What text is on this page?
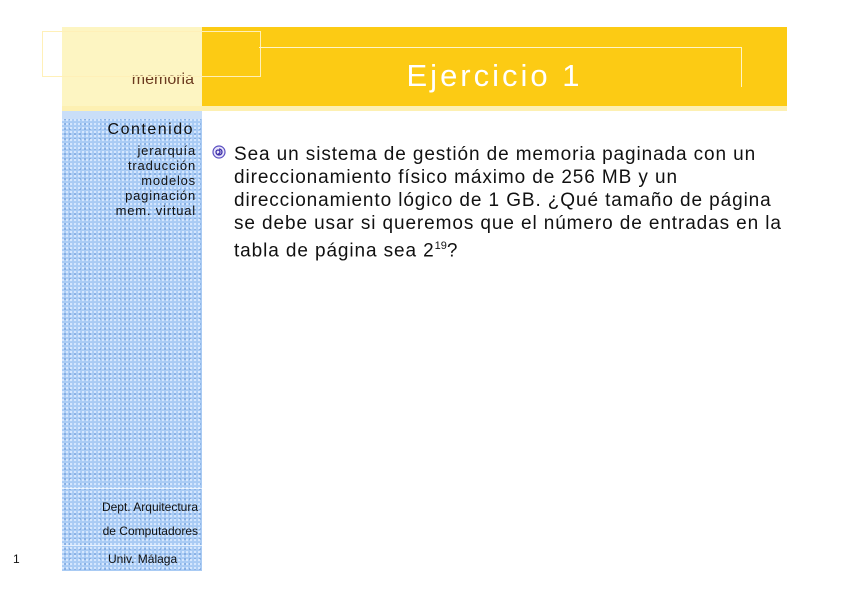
memoria	Ejercicio 1
Contenido
jerarquía
traducción
modelos
paginación
mem. virtual
Dept. Arquitectura
de Computadores
1	Univ. Málaga
Sea un sistema de gestión de memoria paginada con un direccionamiento físico máximo de 256 MB y un direccionamiento lógico de 1 GB. ¿Qué tamaño de página se debe usar si queremos que el número de entradas en la tabla de página sea $2^{19}$?
